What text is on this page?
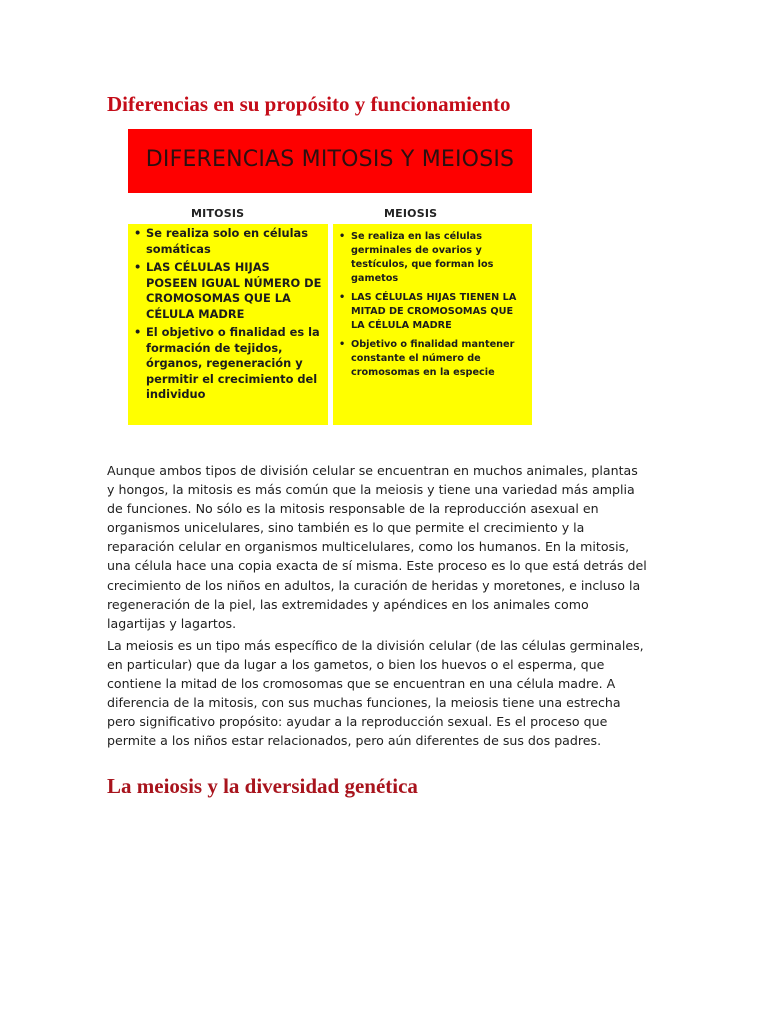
Diferencias en su propósito y funcionamiento
DIFERENCIAS MITOSIS Y MEIOSIS
MITOSIS	MEIOSIS
• Se realiza solo en células somáticas
• LAS CÉLULAS HIJAS POSEEN IGUAL NÚMERO DE CROMOSOMAS QUE LA CÉLULA MADRE
• El objetivo o finalidad es la formación de tejidos, órganos, regeneración y permitir el crecimiento del individuo
• Se realiza en las células germinales de ovarios y testículos, que forman los gametos
• LAS CÉLULAS HIJAS TIENEN LA MITAD DE CROMOSOMAS QUE LA CÉLULA MADRE
• Objetivo o finalidad mantener constante el número de cromosomas en la especie

Aunque ambos tipos de división celular se encuentran en muchos animales, plantas y hongos, la mitosis es más común que la meiosis y tiene una variedad más amplia de funciones. No sólo es la mitosis responsable de la reproducción asexual en organismos unicelulares, sino también es lo que permite el crecimiento y la reparación celular en organismos multicelulares, como los humanos. En la mitosis, una célula hace una copia exacta de sí misma. Este proceso es lo que está detrás del crecimiento de los niños en adultos, la curación de heridas y moretones, e incluso la regeneración de la piel, las extremidades y apéndices en los animales como lagartijas y lagartos.

La meiosis es un tipo más específico de la división celular (de las células germinales, en particular) que da lugar a los gametos, o bien los huevos o el esperma, que contiene la mitad de los cromosomas que se encuentran en una célula madre. A diferencia de la mitosis, con sus muchas funciones, la meiosis tiene una estrecha pero significativo propósito: ayudar a la reproducción sexual. Es el proceso que permite a los niños estar relacionados, pero aún diferentes de sus dos padres.

La meiosis y la diversidad genética
